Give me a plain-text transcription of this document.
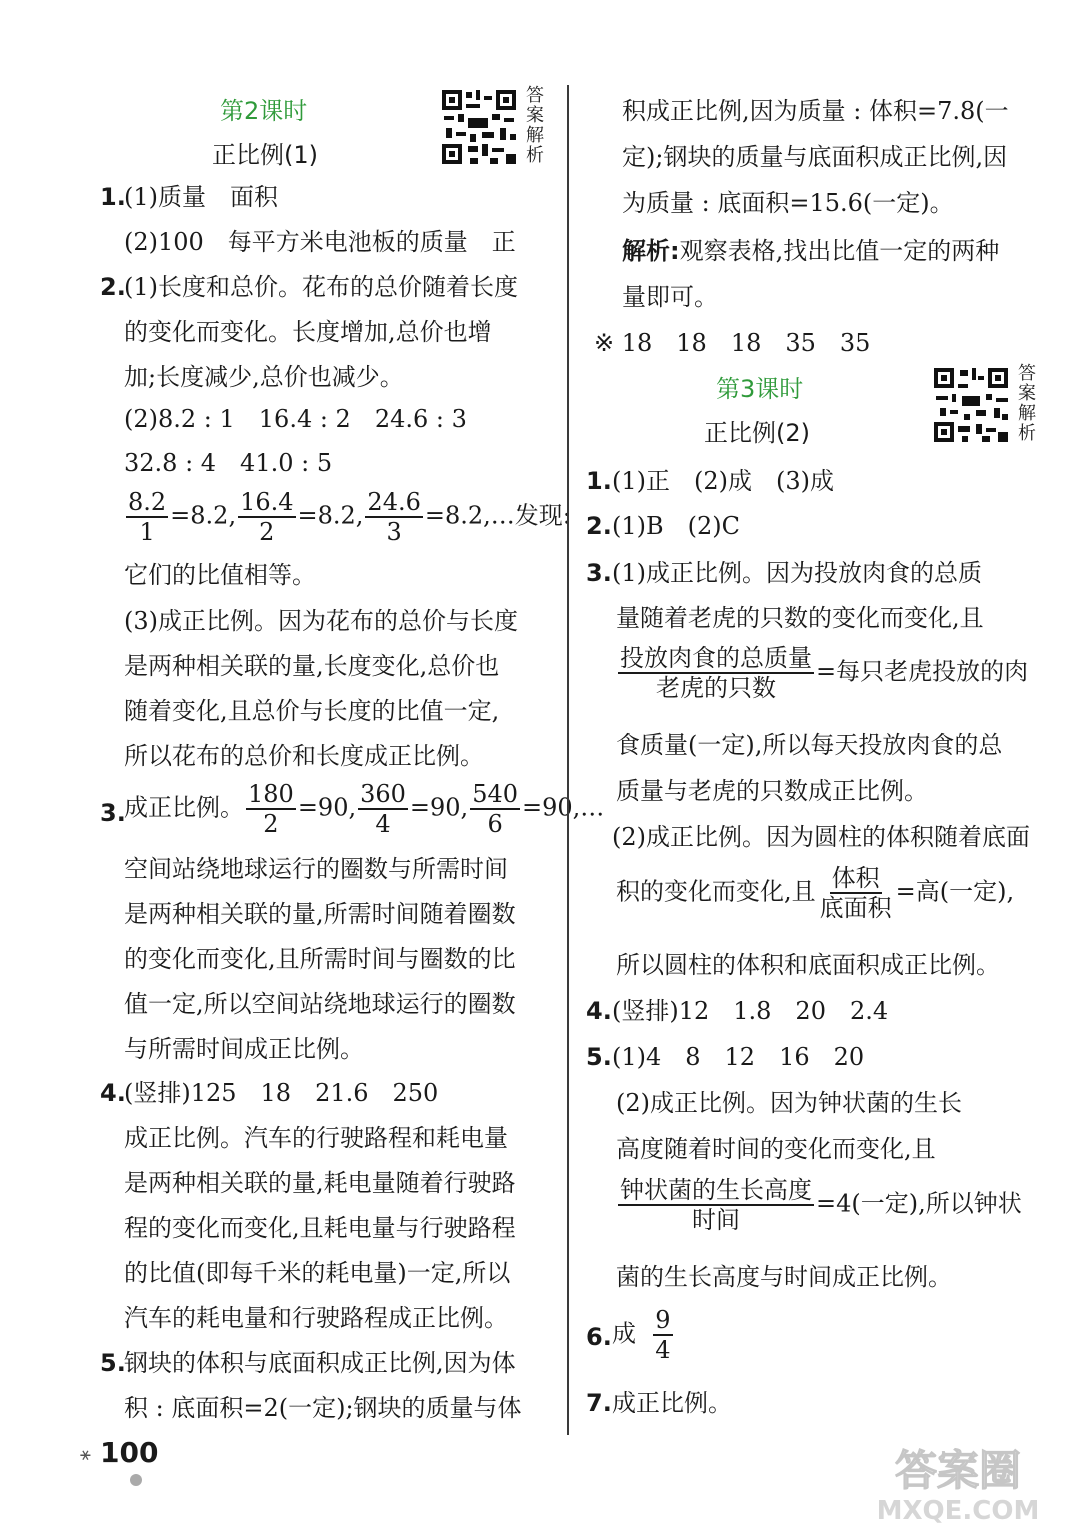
第2课时
正比例(1)
答案解析
1.
(1)质量　面积
(2)100　每平方米电池板的质量　正
2.
(1)长度和总价。花布的总价随着长度
的变化而变化。长度增加,总价也增
加;长度减少,总价也减少。
(2)8.2 : 1　16.4 : 2　24.6 : 3
32.8 : 4　41.0 : 5
$\frac{8.2}{1} =8.2$, $\frac{16.4}{2} =8.2$, $\frac{24.6}{3}$ =8.2,…发现:
它们的比值相等。
(3)成正比例。因为花布的总价与长度
是两种相关联的量,长度变化,总价也
随着变化,且总价与长度的比值一定,
所以花布的总价和长度成正比例。
3.
成正比例。 $\frac{180}{2} =90$, $\frac{360}{4} =90$, $\frac{540}{6}$ =90,…
空间站绕地球运行的圈数与所需时间
是两种相关联的量,所需时间随着圈数
的变化而变化,且所需时间与圈数的比
值一定,所以空间站绕地球运行的圈数
与所需时间成正比例。
4.
(竖排)125　18　21.6　250
成正比例。汽车的行驶路程和耗电量
是两种相关联的量,耗电量随着行驶路
程的变化而变化,且耗电量与行驶路程
的比值(即每千米的耗电量)一定,所以
汽车的耗电量和行驶路程成正比例。
5.
钢块的体积与底面积成正比例,因为体
积 : 底面积=2(一定);钢块的质量与体
积成正比例,因为质量 : 体积=7.8(一
定);钢块的质量与底面积成正比例,因
为质量 : 底面积=15.6(一定)。
解析:观察表格,找出比值一定的两种
量即可。
※ 18　18　18　35　35
第3课时
正比例(2)
答案解析
1. (1)正　(2)成　(3)成
2. (1)B　(2)C
3. (1)成正比例。因为投放肉食的总质
量随着老虎的只数的变化而变化,且
$\frac{\text{投放肉食的总质量}}{\text{老虎的只数}}$ =每只老虎投放的肉
食质量(一定),所以每天投放肉食的总
质量与老虎的只数成正比例。
(2)成正比例。因为圆柱的体积随着底面
积的变化而变化,且 $\frac{\text{体积}}{\text{底面积}}$ =高(一定),
所以圆柱的体积和底面积成正比例。
4. (竖排)12　1.8　20　2.4
5. (1)4　8　12　16　20
(2)成正比例。因为钟状菌的生长
高度随着时间的变化而变化,且
$\frac{\text{钟状菌的生长高度}}{\text{时间}} =4$(一定),所以钟状
菌的生长高度与时间成正比例。
6. 成 $\frac{9}{4}$
7. 成正比例。
⚹ 100	答案圈
MXQE.COM
